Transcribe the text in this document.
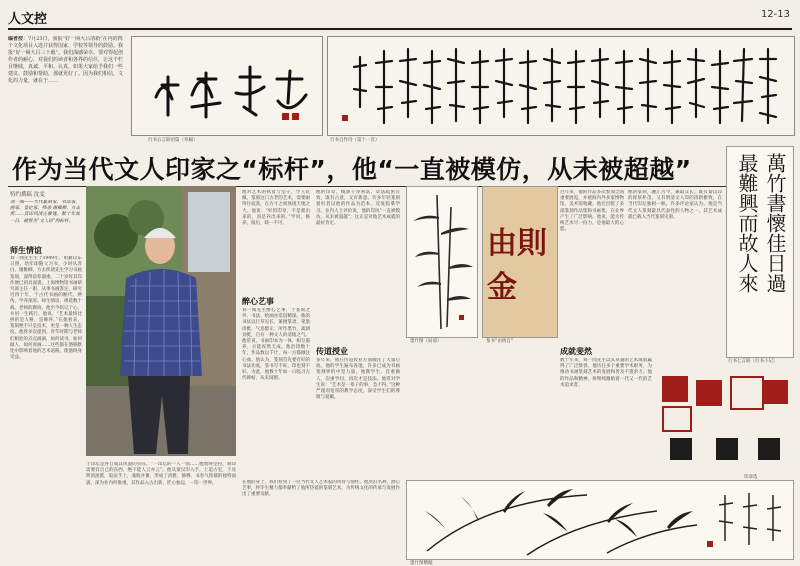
人文控	12-13
编者按：7月23日，我报“好一阕大吕清新”在内的四个文化项目入选并获得国家、学校等领导的鼓励。我报“好一阕大吕三十载”，我们深感荣幸，要对得起创作者的耐心，对我们的读者和各界的信任，让这个栏目继续，真诚、平和、认真。如果大家给予我们一些建议、鼓励和帮助，那就更好了。因为我们相信，文化的力量，就在于……
行书五言联语篇（草稿）	行书自作诗（第十一首）
作为当代文人印家之“标杆”，他“一直被模仿，从未被超越”
特约撰稿 沈雯
刘一闻——当代篆刻家、书法家、画家、鉴定家。师承·谢稚柳、方去疾……其印风清正雅逸，数十年如一日，被誉为“文人印”的标杆。
师生情谊
刘一闻先生生于1949年，祖籍山东日照，幼年即随父习书，少时从苏白、谢稚柳、方去疾诸先生学习书画篆刻，深得前辈器重。二十岁时其印作便已初具面貌，上海博物馆书画研究部主任一职，从事书画鉴定，研究近四十年，于古代书画的断代、辨伪，学养深厚。师生情谊，绵延数十载。老师的教诲，他至今铭记于心，并用一生践行。他说，“艺术最终比拼的是人格，是修养。”在他看来，篆刻绝不只是技术，更是一种人生态度。他曾多次提到，青年时期与老师们相处的点点滴滴，如何读书、如何做人、如何看画……这些都在潜移默化中影响着他的艺术道路，使他终身受益。
于印坛是各自成其风貌的实际。“一印坛的一人一面……他始终坚持，刻印需要有自己的东西，绝不能人云亦云”。他从秦汉印入手，上追古玺，下及明清流派，取法乎上，兼收并蓄，形成了清雅、静穆、书卷气浓郁的独特面貌，深为业内所推重。其作品入古出新，匠心独运，一印一世界。
他对艺术的执着与坚守，令人钦佩。篆刻这门古老的艺术，需要耐得住寂寞，在方寸之间体现天地之大。他说：“好的印章，不是刻出来的，而是养出来的。”学问、修养、阅历，缺一不可。
醉心艺事
刘一闻先生醉心艺事，于篆刻之外，书法、绘画亦造诣精深。他的书法以行草见长，兼擅篆隶，笔墨清雅，气息醇正；所作墨竹，疏朗劲挺，自有一种文人的清逸之气。他常说，书画印本为一体，相互滋养，方能浑然天成。他治印数十年，作品数以千计，每一方都倾注心血。他认为，篆刻首先要有好的书法功底，篆书写不好，印也刻不好。为此，他数十年如一日临习古代碑帖，从未间断。
他的印章，线条干净利落，章法疏密有致，既有古意，又有新意。许多年轻篆刻爱好者以他的作品为范本，反复临摹学习。业内人士评价说，他的印风“一直被模仿，从未被超越”，这正是对他艺术成就的最好肯定。
传道授业
多年来，他在传道授业方面倾注了大量心血。他的学生遍布各地，许多已成为书画篆刻界的中坚力量。他教学生，首重做人，次重学问，再次才是技法。他常对学生说：“艺术是一辈子的事，急不得。”这种严谨而宽厚的教学态度，深受学生们的尊敬与爱戴。
在他的身上，我们看到了一位当代文人艺术家的风骨与情怀。他淡泊名利，潜心艺事，将毕生精力都奉献给了他所热爱的篆刻艺术，为传统文化的传承与发展作出了重要贡献。
墨竹图（局部）
由則金
篆书“由则自”
近年来，他的作品多次参加全国重要展览，并被海内外多家博物馆、美术馆收藏。他还出版了多部篆刻作品集和书画集，在业界产生了广泛影响。他说，能为传统艺术尽一份力，是他最大的心愿。
他的篆刻，融汇古今，兼取众长。既有秦汉印的浑厚朴茂，又有明清文人印的清新雅致，在当代印坛独树一帜。许多评论家认为，他是当代文人篆刻最具代表性的人物之一，其艺术成就已载入当代篆刻史册。
成就斐然
数十年来，刘一闻先生以其卓越的艺术成就赢得了广泛赞誉。他历任多个重要学术职务，为推动书画篆刻艺术的发展和普及不遗余力。他的作品和精神，将继续激励着一代又一代的艺术追求者。
萬竹書懷佳日過
最難興而故人來
行书七言联（行书小记）
印章选
墨竹图横幅
